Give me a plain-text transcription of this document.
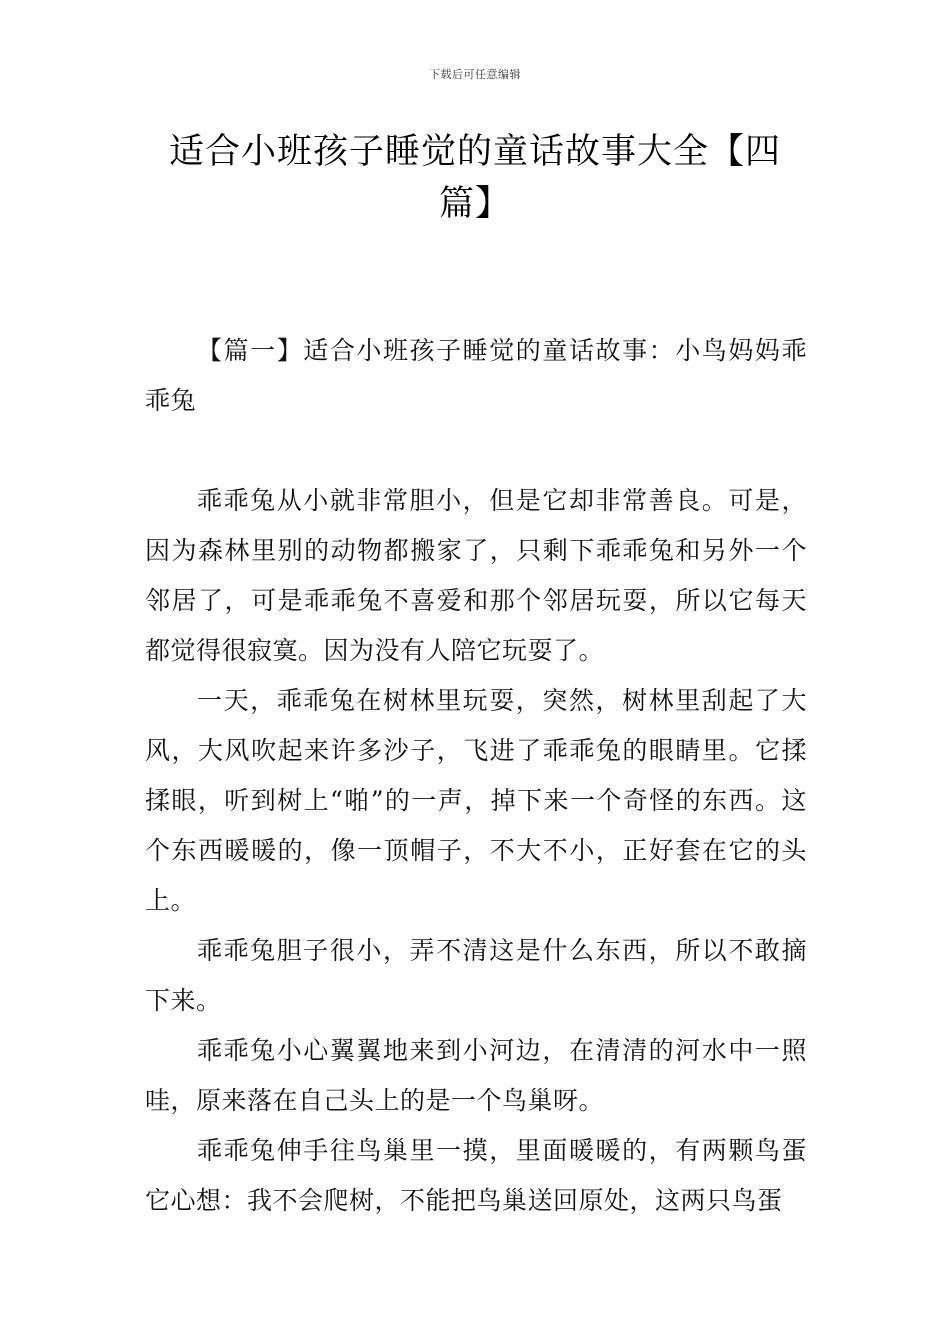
下载后可任意编辑
适合小班孩子睡觉的童话故事大全【四篇】

【篇一】适合小班孩子睡觉的童话故事：小鸟妈妈乖乖兔

乖乖兔从小就非常胆小，但是它却非常善良。可是，因为森林里别的动物都搬家了，只剩下乖乖兔和另外一个邻居了，可是乖乖兔不喜爱和那个邻居玩耍，所以它每天都觉得很寂寞。因为没有人陪它玩耍了。

一天，乖乖兔在树林里玩耍，突然，树林里刮起了大风，大风吹起来许多沙子，飞进了乖乖兔的眼睛里。它揉揉眼，听到树上“啪”的一声，掉下来一个奇怪的东西。这个东西暖暖的，像一顶帽子，不大不小，正好套在它的头上。

乖乖兔胆子很小，弄不清这是什么东西，所以不敢摘下来。

乖乖兔小心翼翼地来到小河边，在清清的河水中一照哇，原来落在自己头上的是一个鸟巢呀。

乖乖兔伸手往鸟巢里一摸，里面暖暖的，有两颗鸟蛋它心想：我不会爬树，不能把鸟巢送回原处，这两只鸟蛋
